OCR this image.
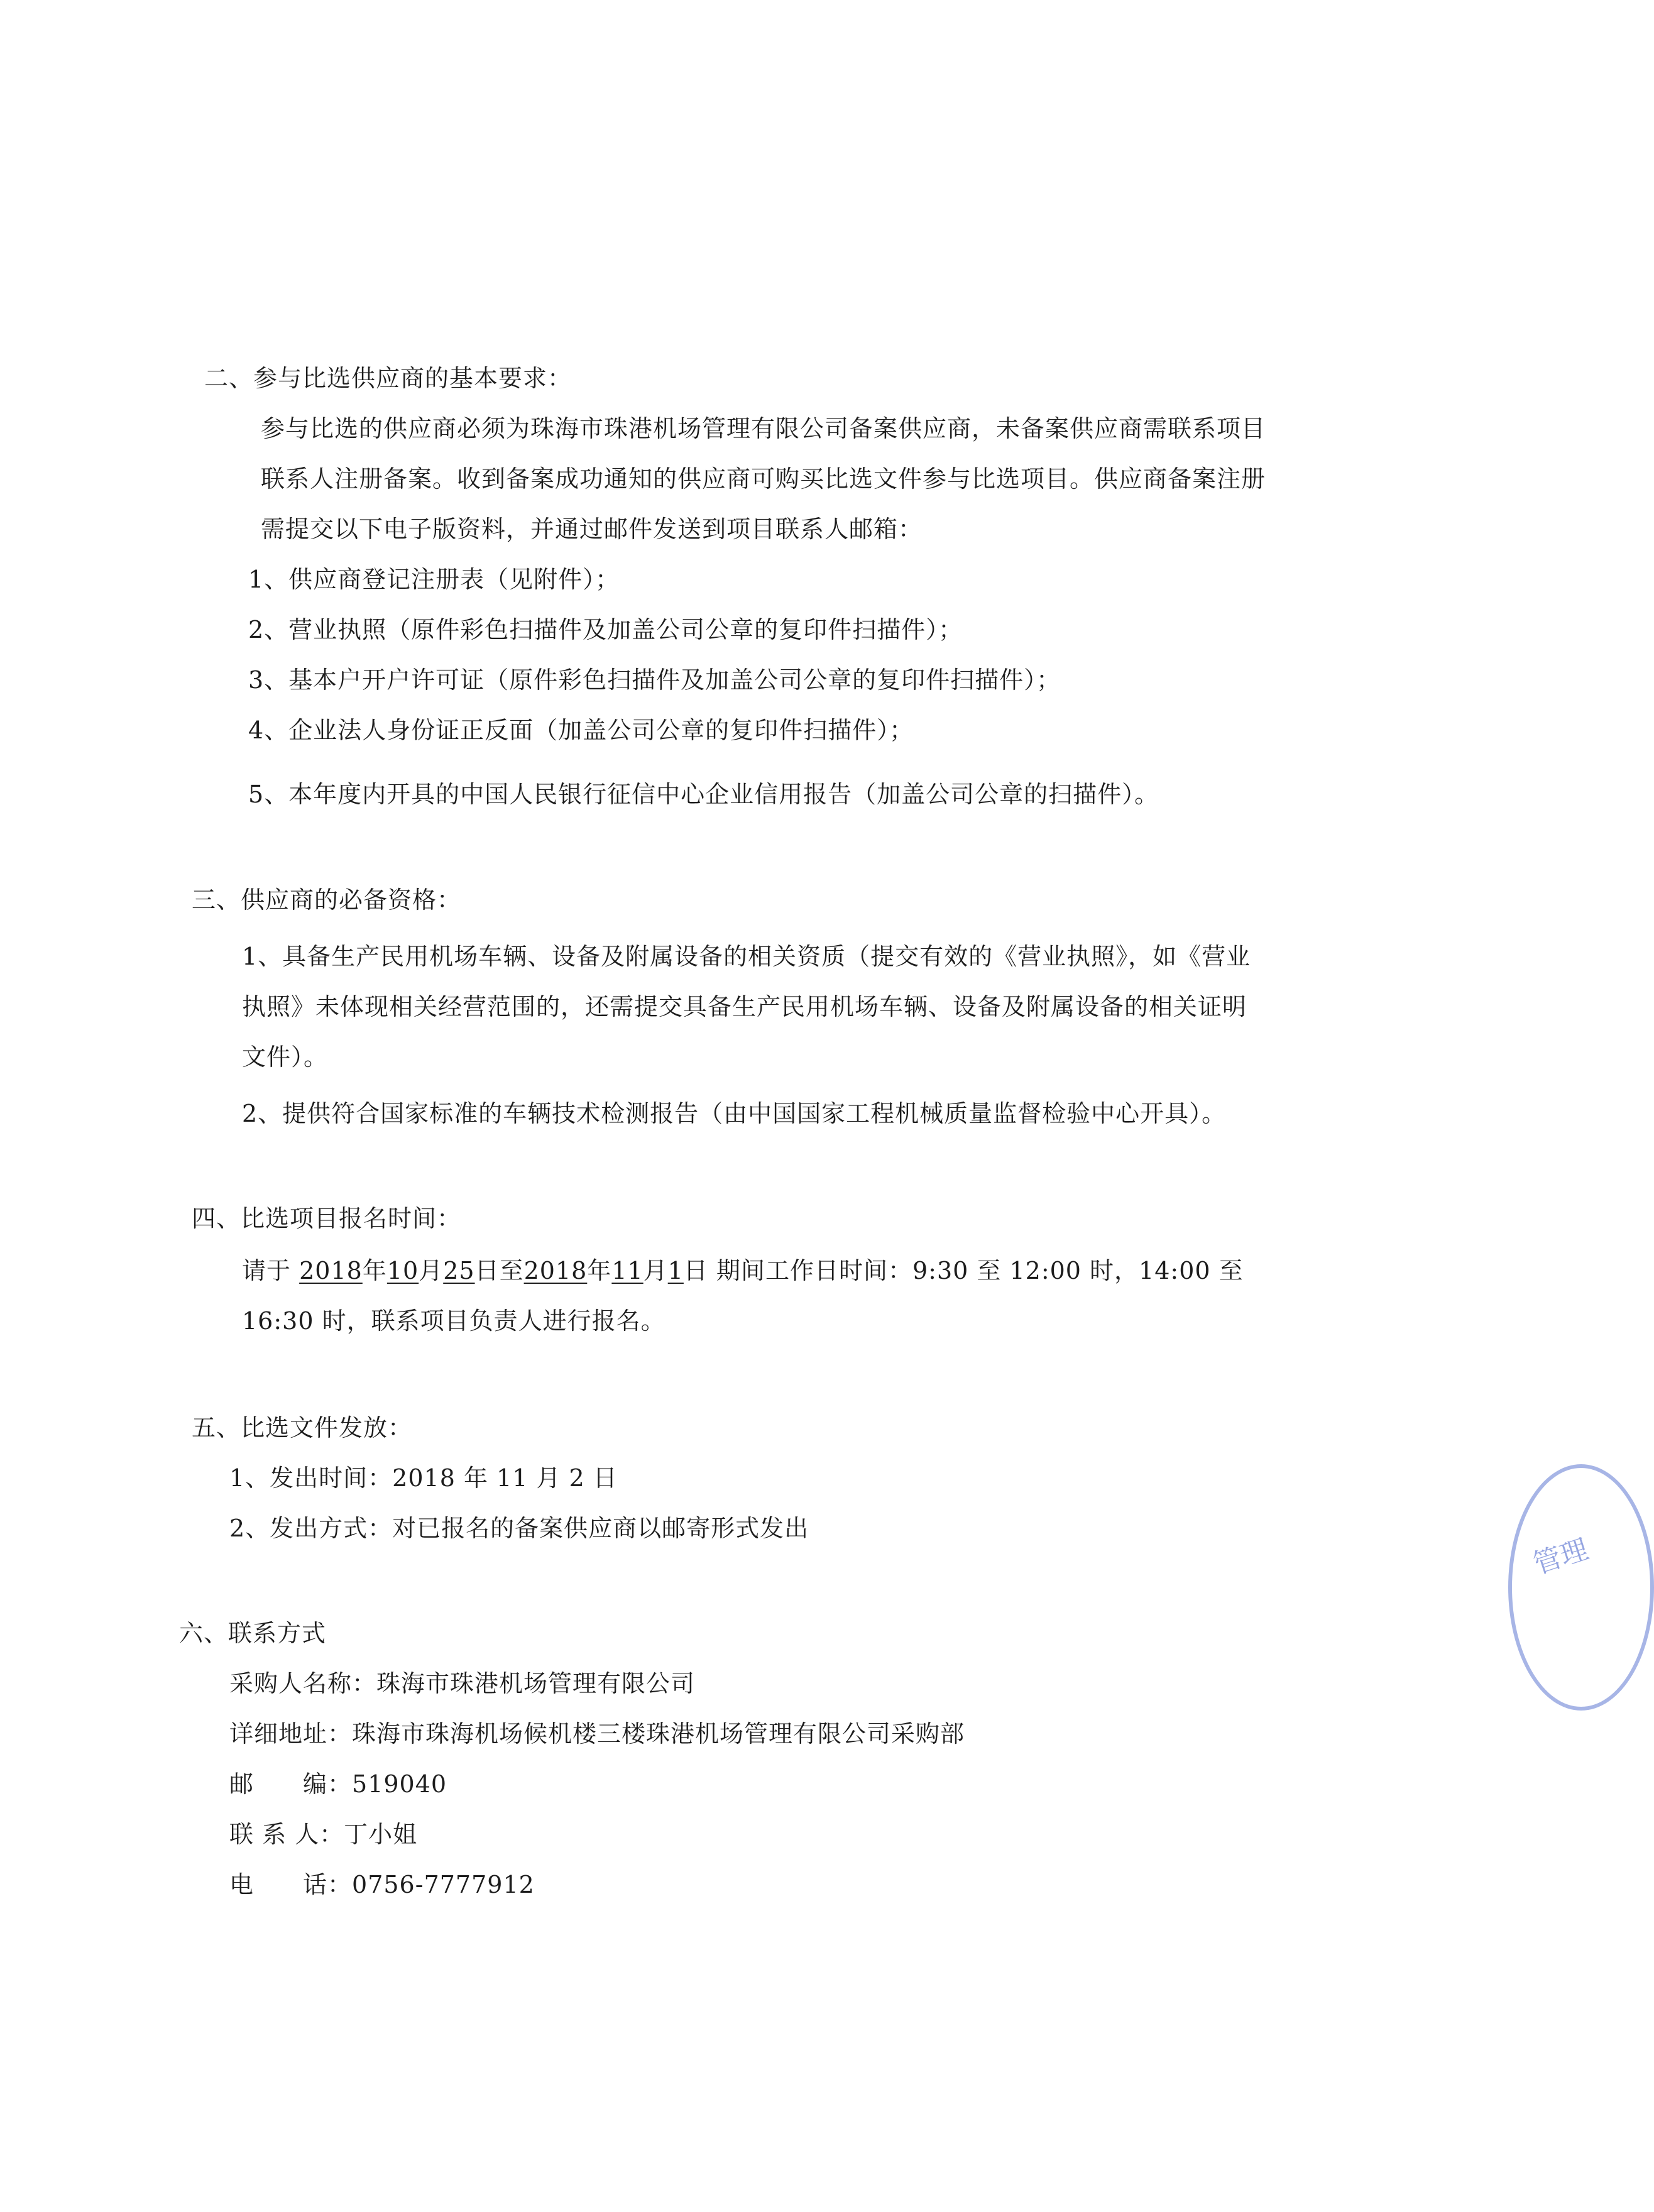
二、参与比选供应商的基本要求：
参与比选的供应商必须为珠海市珠港机场管理有限公司备案供应商，未备案供应商需联系项目
联系人注册备案。收到备案成功通知的供应商可购买比选文件参与比选项目。供应商备案注册
需提交以下电子版资料，并通过邮件发送到项目联系人邮箱：
1、供应商登记注册表（见附件）；
2、营业执照（原件彩色扫描件及加盖公司公章的复印件扫描件）；
3、基本户开户许可证（原件彩色扫描件及加盖公司公章的复印件扫描件）；
4、企业法人身份证正反面（加盖公司公章的复印件扫描件）；
5、本年度内开具的中国人民银行征信中心企业信用报告（加盖公司公章的扫描件）。
三、供应商的必备资格：
1、具备生产民用机场车辆、设备及附属设备的相关资质（提交有效的《营业执照》，如《营业
执照》未体现相关经营范围的，还需提交具备生产民用机场车辆、设备及附属设备的相关证明
文件）。
2、提供符合国家标准的车辆技术检测报告（由中国国家工程机械质量监督检验中心开具）。
四、比选项目报名时间：
请于 2018年10月25日至2018年11月1日 期间工作日时间：9:30 至 12:00 时，14:00 至
16:30 时，联系项目负责人进行报名。
五、比选文件发放：
1、发出时间：2018 年 11 月 2 日
2、发出方式：对已报名的备案供应商以邮寄形式发出
六、联系方式
采购人名称：珠海市珠港机场管理有限公司
详细地址：珠海市珠海机场候机楼三楼珠港机场管理有限公司采购部
邮　　编：519040
联 系 人：丁小姐
电　　话：0756-7777912
管理
